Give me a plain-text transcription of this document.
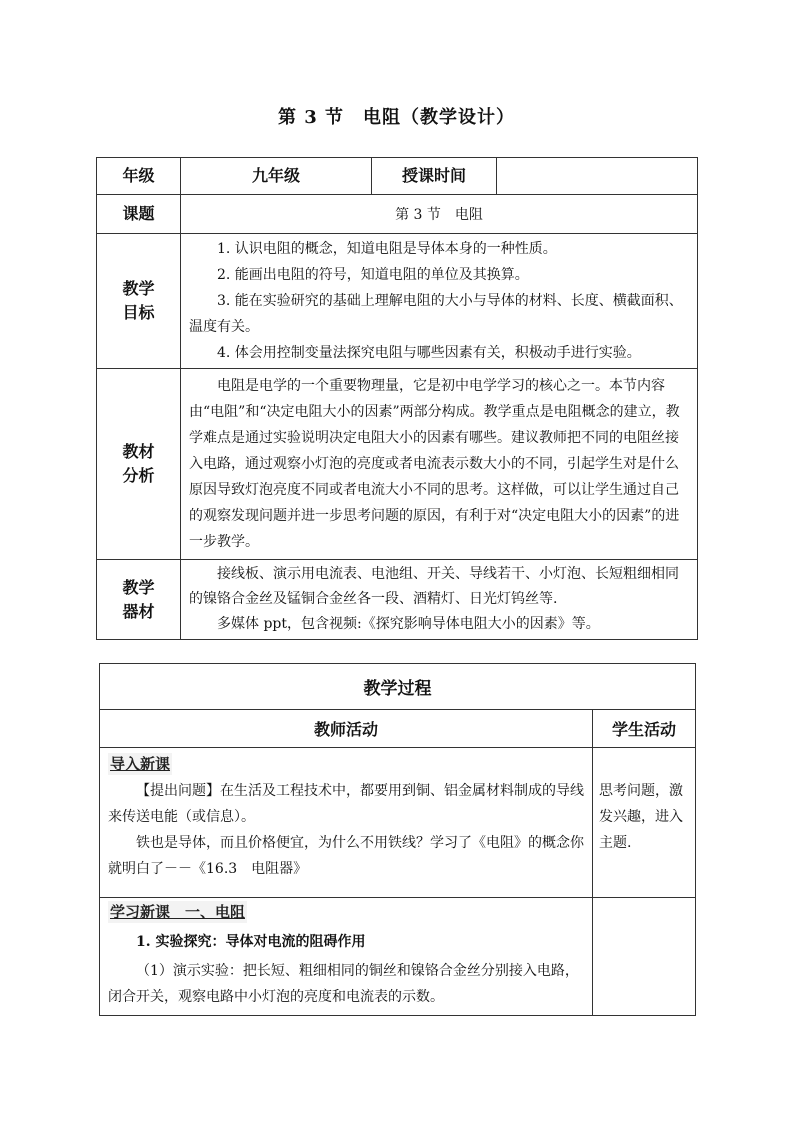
第 3 节　电阻（教学设计）
年级	九年级	授课时间	
课题	第 3 节　电阻		
教学目标	1. 认识电阻的概念，知道电阻是导体本身的一种性质。
2. 能画出电阻的符号，知道电阻的单位及其换算。
3. 能在实验研究的基础上理解电阻的大小与导体的材料、长度、横截面积、温度有关。
4. 体会用控制变量法探究电阻与哪些因素有关，积极动手进行实验。		

教材分析	电阻是电学的一个重要物理量，它是初中电学学习的核心之一。本节内容由“电阻”和“决定电阻大小的因素”两部分构成。教学重点是电阻概念的建立，教学难点是通过实验说明决定电阻大小的因素有哪些。建议教师把不同的电阻丝接入电路，通过观察小灯泡的亮度或者电流表示数大小的不同，引起学生对是什么原因导致灯泡亮度不同或者电流大小不同的思考。这样做，可以让学生通过自己的观察发现问题并进一步思考问题的原因，有利于对“决定电阻大小的因素”的进一步教学。		
教学器材	接线板、演示用电流表、电池组、开关、导线若干、小灯泡、长短粗细相同的镍铬合金丝及锰铜合金丝各一段、酒精灯、日光灯钨丝等.
多媒体 ppt，包含视频:《探究影响导体电阻大小的因素》等。		
教学过程	
教师活动	学生活动
导入新课

【提出问题】在生活及工程技术中，都要用到铜、铝金属材料制成的导线来传送电能（或信息）。

铁也是导体，而且价格便宜，为什么不用铁线？学习了《电阻》的概念你就明白了－－《16.3　电阻器》	思考问题，激发兴趣，进入主题.
学习新课　一、电阻

1. 实验探究：导体对电流的阻碍作用

（1）演示实验：把长短、粗细相同的铜丝和镍铬合金丝分别接入电路，闭合开关，观察电路中小灯泡的亮度和电流表的示数。	
